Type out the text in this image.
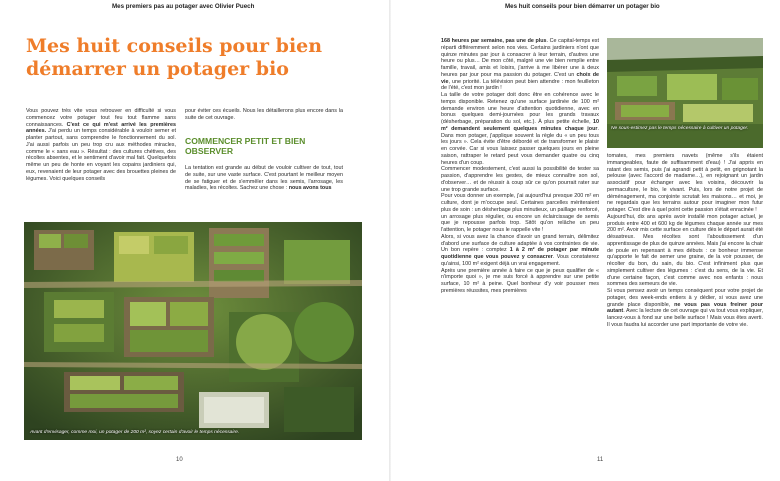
Mes premiers pas au potager avec Olivier Puech
Mes huit conseils pour bien démarrer un potager bio

Vous pouvez très vite vous retrouver en difficulté si vous commencez votre potager tout feu tout flamme sans connaissances. C'est ce qui m'est arrivé les premières années. J'ai perdu un temps considérable à vouloir semer et planter partout, sans comprendre le fonctionnement du sol. J'ai aussi parfois un peu trop cru aux méthodes miracles, comme le « sans eau ». Résultat : des cultures chétives, des récoltes absentes, et le sentiment d'avoir mal fait. Quelquefois même un peu de honte en voyant les copains jardiniers qui, eux, revenaient de leur potager avec des brouettes pleines de légumes. Voici quelques conseils

pour éviter ces écueils. Nous les détaillerons plus encore dans la suite de cet ouvrage.

COMMENCER PETIT ET BIEN OBSERVER

La tentation est grande au début de vouloir cultiver de tout, tout de suite, sur une vaste surface. C'est pourtant le meilleur moyen de se fatiguer et de s'emmêler dans les semis, l'arrosage, les maladies, les récoltes. Sachez une chose : nous avons tous

Avant d'envisager, comme moi, un potager de 200 m², soyez certain d'avoir le temps nécessaire.
10
Mes huit conseils pour bien démarrer un potager bio

168 heures par semaine, pas une de plus. Ce capital-temps est réparti différemment selon nos vies. Certains jardiniers n'ont que quinze minutes par jour à consacrer à leur terrain, d'autres une heure ou plus… De mon côté, malgré une vie bien remplie entre famille, travail, amis et loisirs, j'arrive à me libérer une à deux heures par jour pour ma passion du potager. C'est un choix de vie, une priorité. La télévision peut bien attendre : mon feuilleton de l'été, c'est mon jardin !

La taille de votre potager doit donc être en cohérence avec le temps disponible. Retenez qu'une surface jardinée de 100 m² demande environ une heure d'attention quotidienne, avec en bonus quelques demi-journées pour les grands travaux (désherbage, préparation du sol, etc.). À plus petite échelle, 10 m² demandent seulement quelques minutes chaque jour. Dans mon potager, j'applique souvent la règle du « un peu tous les jours ». Cela évite d'être débordé et de transformer le plaisir en corvée. Car si vous laissez passer quelques jours en pleine saison, rattraper le retard peut vous demander quatre ou cinq heures d'un coup.

Commencer modestement, c'est aussi la possibilité de tester sa passion, d'apprendre les gestes, de mieux connaître son sol, d'observer… et de réussir à coup sûr ce qu'on pourrait rater sur une trop grande surface.

Pour vous donner un exemple, j'ai aujourd'hui presque 200 m² en culture, dont je m'occupe seul. Certaines parcelles mériteraient plus de soin : un désherbage plus minutieux, un paillage renforcé, un arrosage plus régulier, ou encore un éclaircissage de semis que je repousse parfois trop. Sitôt qu'on relâche un peu l'attention, le potager nous le rappelle vite !

Alors, si vous avez la chance d'avoir un grand terrain, délimitez d'abord une surface de culture adaptée à vos contraintes de vie. Un bon repère : comptez 1 à 2 m² de potager par minute quotidienne que vous pouvez y consacrer. Vous constaterez qu'ainsi, 100 m² exigent déjà un vrai engagement.

Après une première année à faire ce que je peux qualifier de « n'importe quoi », je me suis forcé à apprendre sur une petite surface, 10 m² à peine. Quel bonheur d'y voir pousser mes premières réussites, mes premières

Ne sous-estimez pas le temps nécessaire à cultiver un potager.

tomates, mes premiers navets (même s'ils étaient immangeables, faute de suffisamment d'eau) ! J'ai appris en ratant des semis, puis j'ai agrandi petit à petit, en grignotant la pelouse (avec l'accord de madame…), en rejoignant un jardin associatif pour échanger avec les voisins, découvrir la permaculture, le bio, le vivant. Puis, lors de notre projet de déménagement, ma conjointe scrutait les maisons… et moi, je ne regardais que les terrains autour pour imaginer mon futur potager. C'est dire à quel point cette passion s'était enracinée !

Aujourd'hui, dix ans après avoir installé mon potager actuel, je produis entre 400 et 600 kg de légumes chaque année sur mes 200 m². Avoir mis cette surface en culture dès le départ aurait été désastreux. Mes récoltes sont l'aboutissement d'un apprentissage de plus de quinze années. Mais j'ai encore la chair de poule en repensant à mes débuts : ce bonheur immense qu'apporte le fait de semer une graine, de la voir pousser, de récolter du bon, du sain, du bio. C'est infiniment plus que simplement cultiver des légumes : c'est du sens, de la vie. Et d'une certaine façon, c'est comme avec nos enfants : nous sommes des semeurs de vie.

Si vous pensez avoir un temps conséquent pour votre projet de potager, des week-ends entiers à y dédier, si vous avez une grande place disponible, ne vous pas vous freiner pour autant. Avec la lecture de cet ouvrage qui va tout vous expliquer, lancez-vous à fond sur une belle surface ! Mais vous êtes averti. Il vous faudra lui accorder une part importante de votre vie.

11
